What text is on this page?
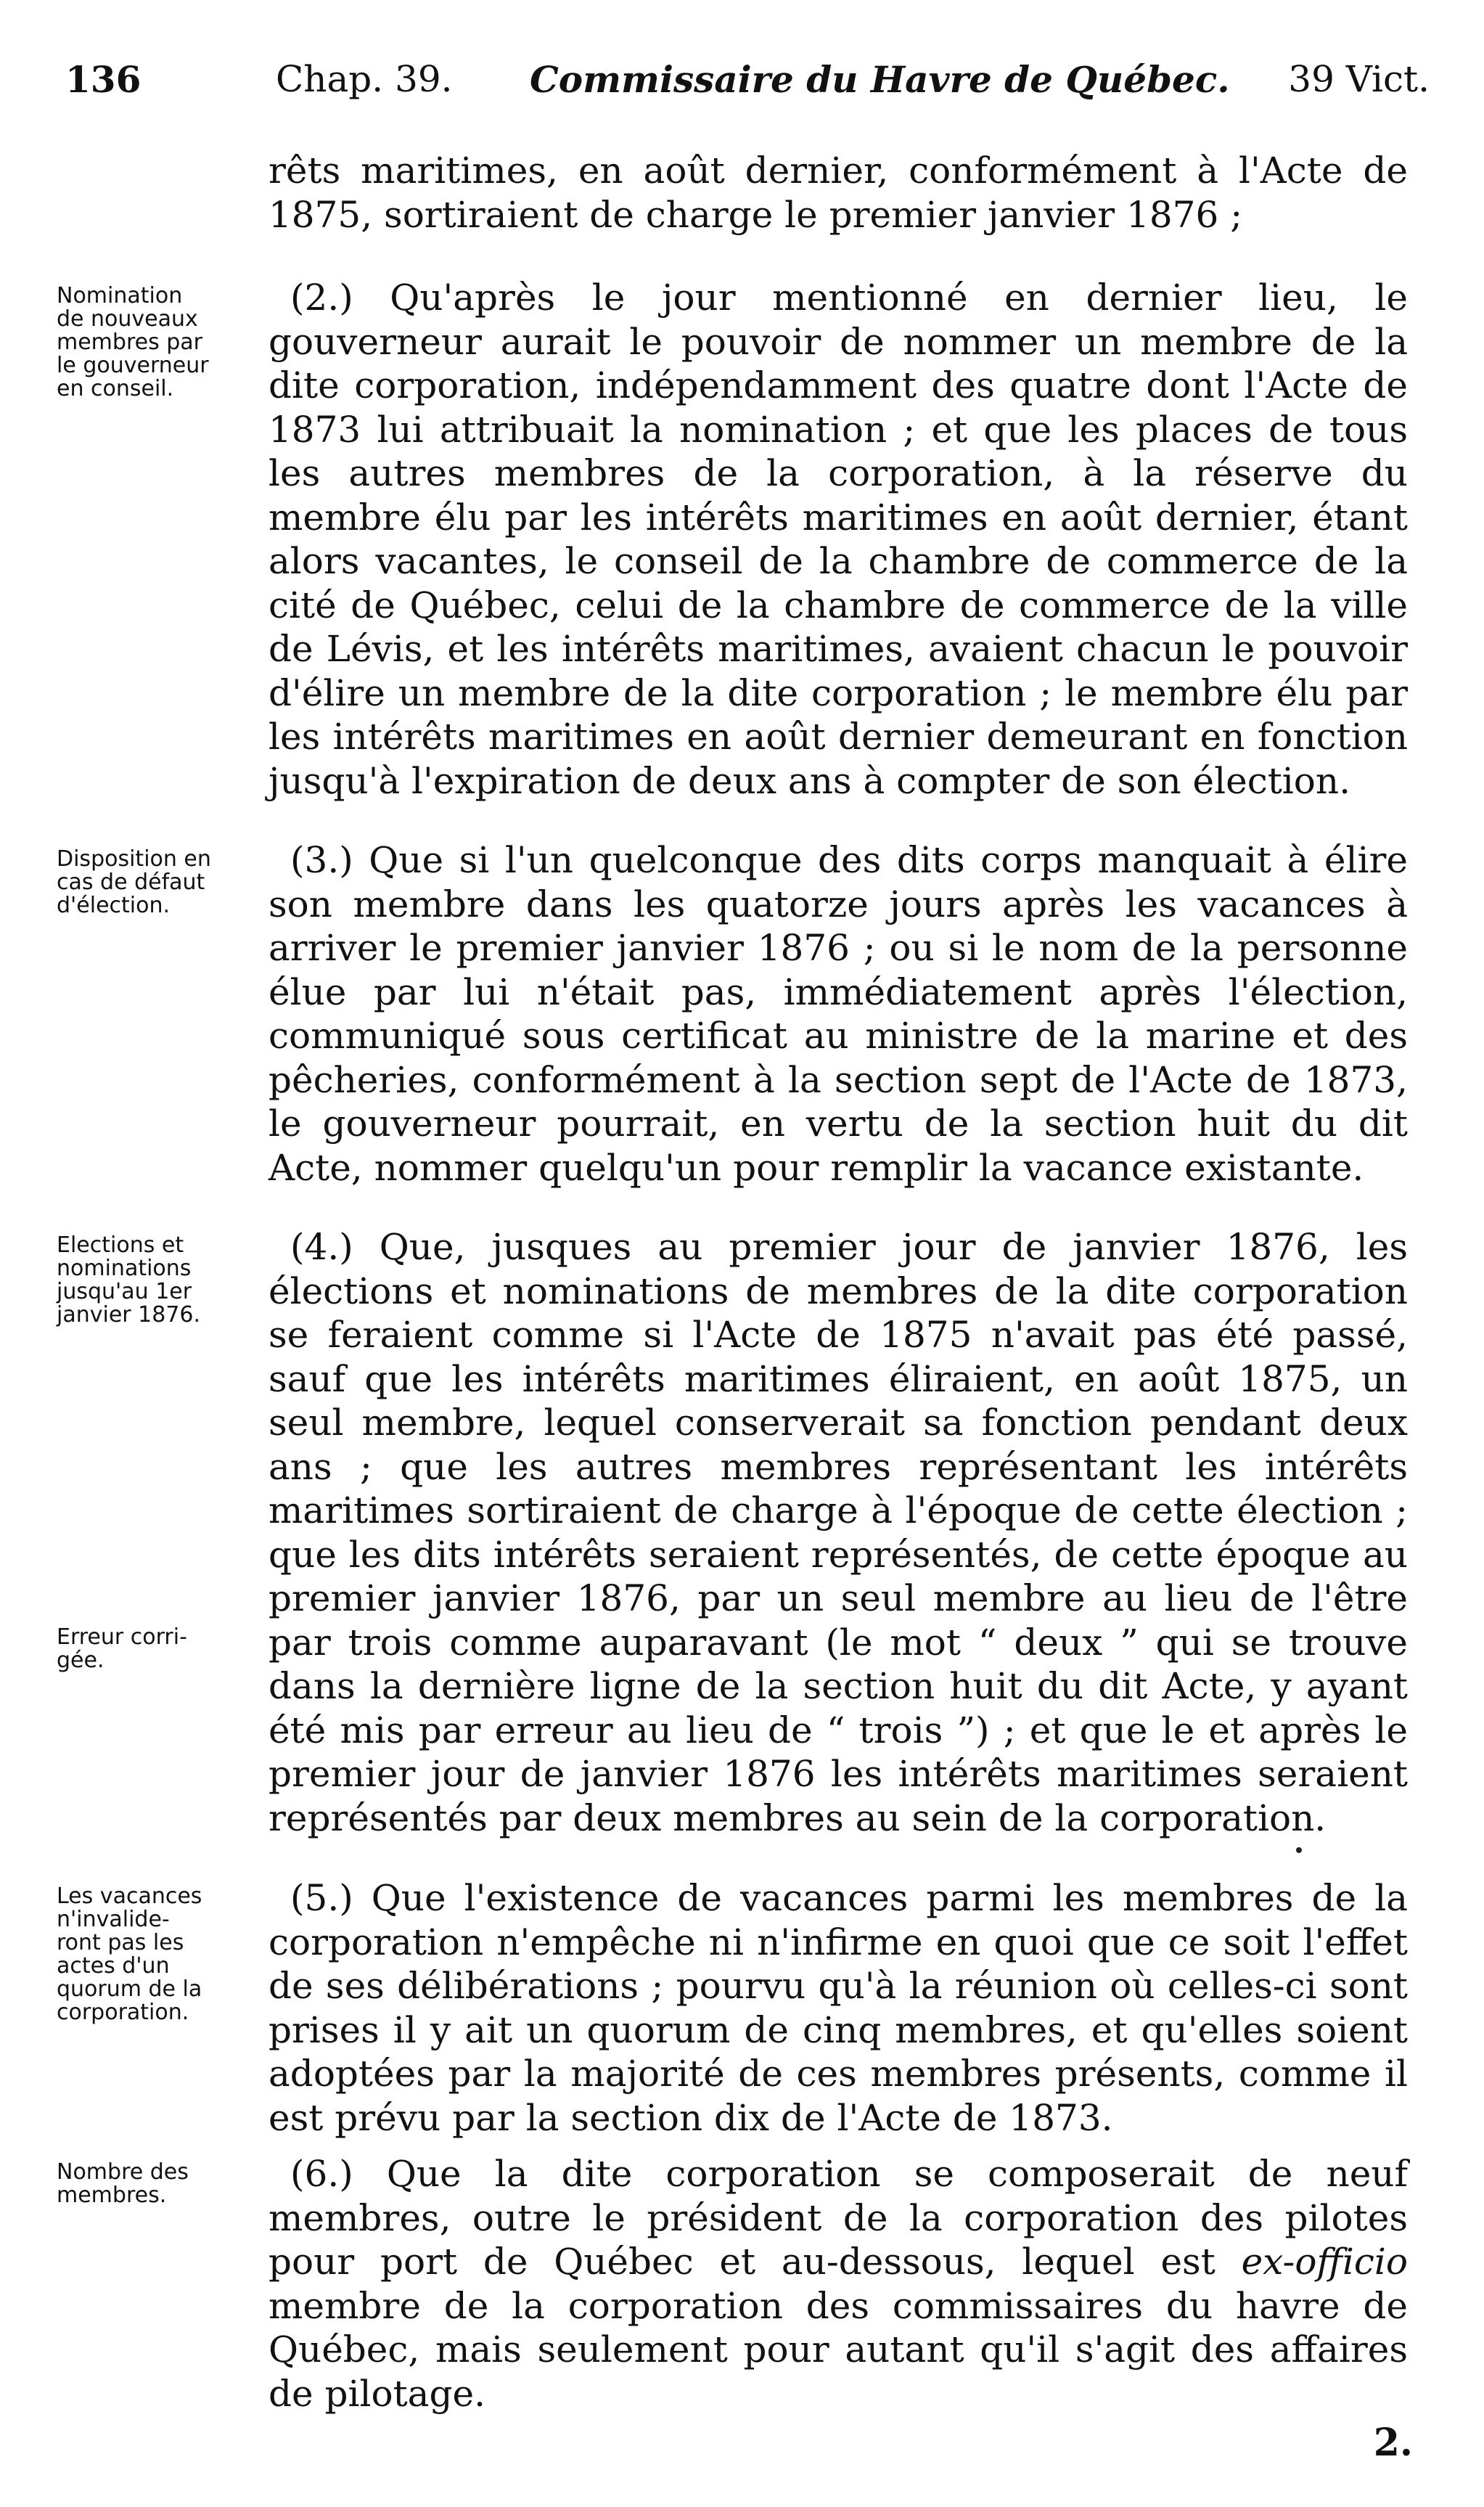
136	Chap. 39. Commissaire du Havre de Québec. 39 Vict.
rêts maritimes, en août dernier, conformément à l'Acte de 1875, sortiraient de charge le premier janvier 1876 ;
Nomination
de nouveaux
membres par
le gouverneur
en conseil.
(2.) Qu'après le jour mentionné en dernier lieu, le gouverneur aurait le pouvoir de nommer un membre de la dite corporation, indépendamment des quatre dont l'Acte de 1873 lui attribuait la nomination ; et que les places de tous les autres membres de la corporation, à la réserve du membre élu par les intérêts maritimes en août dernier, étant alors vacantes, le conseil de la chambre de commerce de la cité de Québec, celui de la chambre de commerce de la ville de Lévis, et les intérêts maritimes, avaient chacun le pouvoir d'élire un membre de la dite corporation ; le membre élu par les intérêts maritimes en août dernier demeurant en fonction jusqu'à l'expiration de deux ans à compter de son élection.
Disposition en
cas de défaut
d'élection.
(3.) Que si l'un quelconque des dits corps manquait à élire son membre dans les quatorze jours après les vacances à arriver le premier janvier 1876 ; ou si le nom de la personne élue par lui n'était pas, immédiatement après l'élection, communiqué sous certificat au ministre de la marine et des pêcheries, conformément à la section sept de l'Acte de 1873, le gouverneur pourrait, en vertu de la section huit du dit Acte, nommer quelqu'un pour remplir la vacance existante.
Elections et
nominations
jusqu'au 1er
janvier 1876.
Erreur corri-
gée.
(4.) Que, jusques au premier jour de janvier 1876, les élections et nominations de membres de la dite corporation se feraient comme si l'Acte de 1875 n'avait pas été passé, sauf que les intérêts maritimes éliraient, en août 1875, un seul membre, lequel conserverait sa fonction pendant deux ans ; que les autres membres représentant les intérêts maritimes sortiraient de charge à l'époque de cette élection ; que les dits intérêts seraient représentés, de cette époque au premier janvier 1876, par un seul membre au lieu de l'être par trois comme auparavant (le mot “ deux ” qui se trouve dans la dernière ligne de la section huit du dit Acte, y ayant été mis par erreur au lieu de “ trois ”) ; et que le et après le premier jour de janvier 1876 les intérêts maritimes seraient représentés par deux membres au sein de la corporation.
Les vacances
n'invalide-
ront pas les
actes d'un
quorum de la
corporation.
(5.) Que l'existence de vacances parmi les membres de la corporation n'empêche ni n'infirme en quoi que ce soit l'effet de ses délibérations ; pourvu qu'à la réunion où celles-ci sont prises il y ait un quorum de cinq membres, et qu'elles soient adoptées par la majorité de ces membres présents, comme il est prévu par la section dix de l'Acte de 1873.
Nombre des
membres.
(6.) Que la dite corporation se composerait de neuf membres, outre le président de la corporation des pilotes pour port de Québec et au-dessous, lequel est ex-officio membre de la corporation des commissaires du havre de Québec, mais seulement pour autant qu'il s'agit des affaires de pilotage.
2.
